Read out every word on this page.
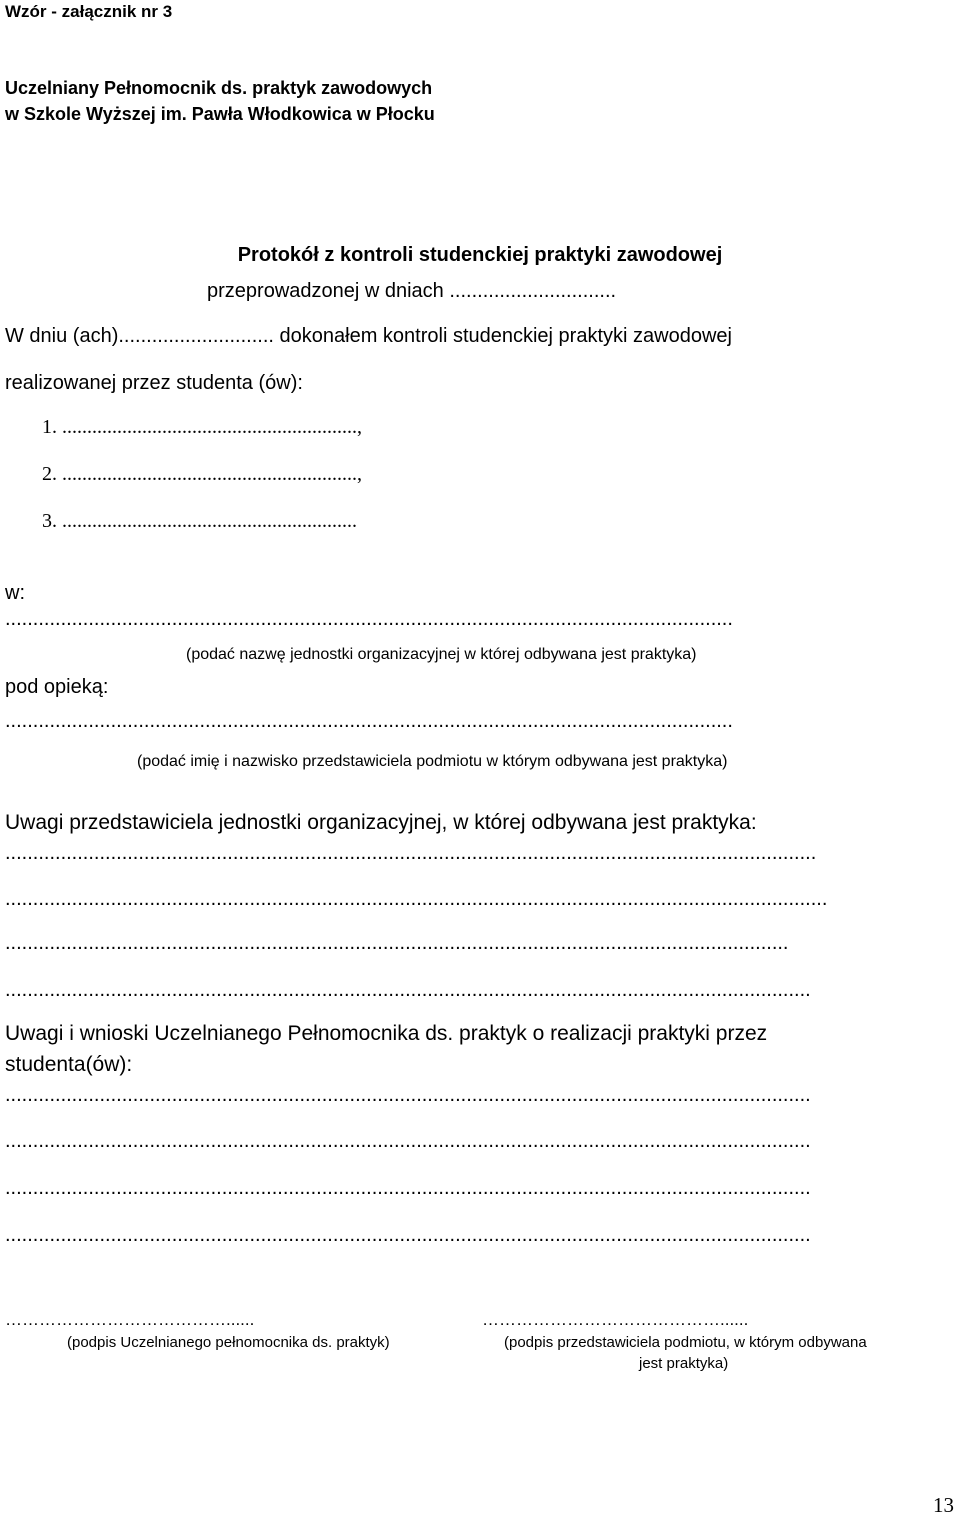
Wzór - załącznik nr 3
Uczelniany Pełnomocnik ds. praktyk zawodowych
w Szkole Wyższej im. Pawła Włodkowica w Płocku
Protokół z kontroli studenckiej praktyki zawodowej
przeprowadzonej w dniach ..............................
W dniu (ach)............................ dokonałem kontroli studenckiej praktyki zawodowej
realizowanej przez studenta (ów):
1. ...........................................................,
2. ...........................................................,
3. ...........................................................
w:
...................................................................................................................................
(podać nazwę jednostki organizacyjnej w której odbywana jest praktyka)
pod opieką:
...................................................................................................................................
(podać imię i nazwisko przedstawiciela podmiotu w którym odbywana jest praktyka)
Uwagi przedstawiciela jednostki organizacyjnej, w której odbywana jest praktyka:
..................................................................................................................................................
....................................................................................................................................................
.............................................................................................................................................
.................................................................................................................................................
Uwagi i wnioski Uczelnianego Pełnomocnika ds. praktyk o realizacji praktyki przez
studenta(ów):
.................................................................................................................................................
.................................................................................................................................................
.................................................................................................................................................
.................................................................................................................................................
…………………………………......
(podpis Uczelnianego pełnomocnika ds. praktyk)
……………………………………......
(podpis przedstawiciela podmiotu, w którym odbywana
jest praktyka)
13
